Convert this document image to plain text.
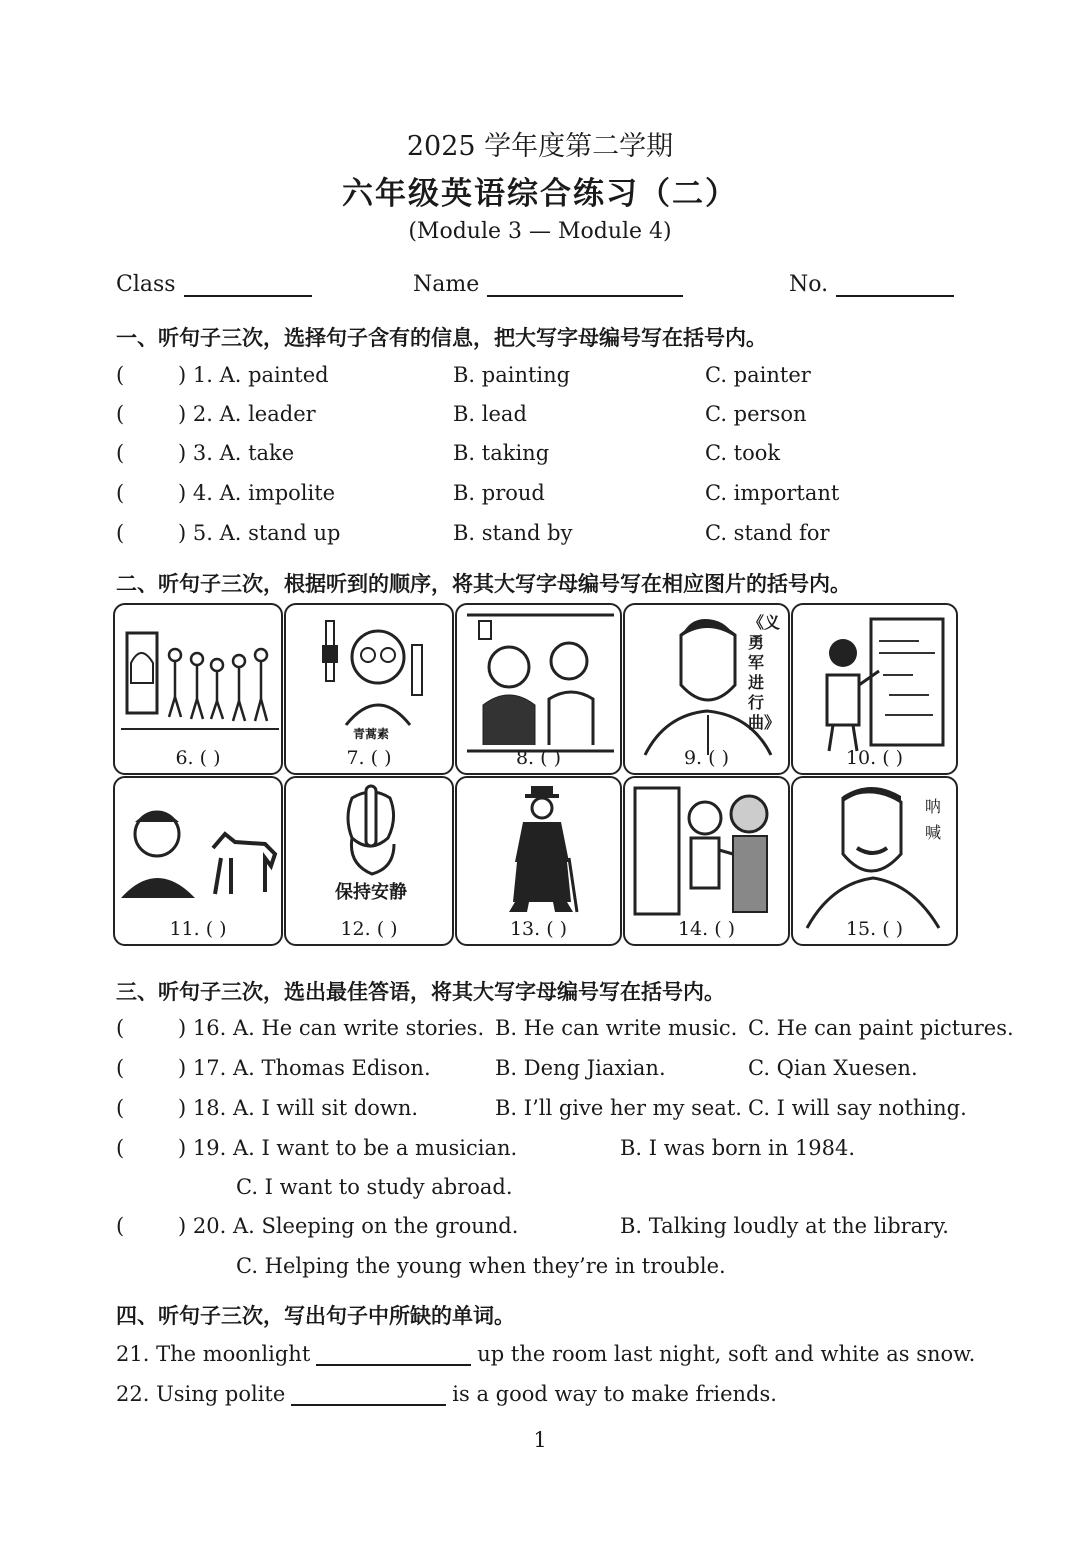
2025 学年度第二学期
六年级英语综合练习（二）
(Module 3 — Module 4)
Class	Name	No.
一、听句子三次，选择句子含有的信息，把大写字母编号写在括号内。
(	) 1. A. painted	B. painting	C. painter
(	) 2. A. leader	B. lead	C. person
(	) 3. A. take	B. taking	C. took
(	) 4. A. impolite	B. proud	C. important
(	) 5. A. stand up	B. stand by	C. stand for
二、听句子三次，根据听到的顺序，将其大写字母编号写在相应图片的括号内。
6. ( )
青蒿素
7. ( )	8. ( )
《义勇军进行曲》
9. ( )	10. ( )
11. ( )
保持安静
12. ( )	13. ( )	14. ( )
呐喊
15. ( )
三、听句子三次，选出最佳答语，将其大写字母编号写在括号内。
(	) 16. A. He can write stories. B. He can write music. C. He can paint pictures.
(	) 17. A. Thomas Edison.	B. Deng Jiaxian.	C. Qian Xuesen.
(	) 18. A. I will sit down.	B. I’ll give her my seat. C. I will say nothing.
(	) 19. A. I want to be a musician.	B. I was born in 1984.
C. I want to study abroad.
(	) 20. A. Sleeping on the ground.	B. Talking loudly at the library.
C. Helping the young when they’re in trouble.
四、听句子三次，写出句子中所缺的单词。
21. The moonlight	up the room last night, soft and white as snow.
22. Using polite	is a good way to make friends.
1
